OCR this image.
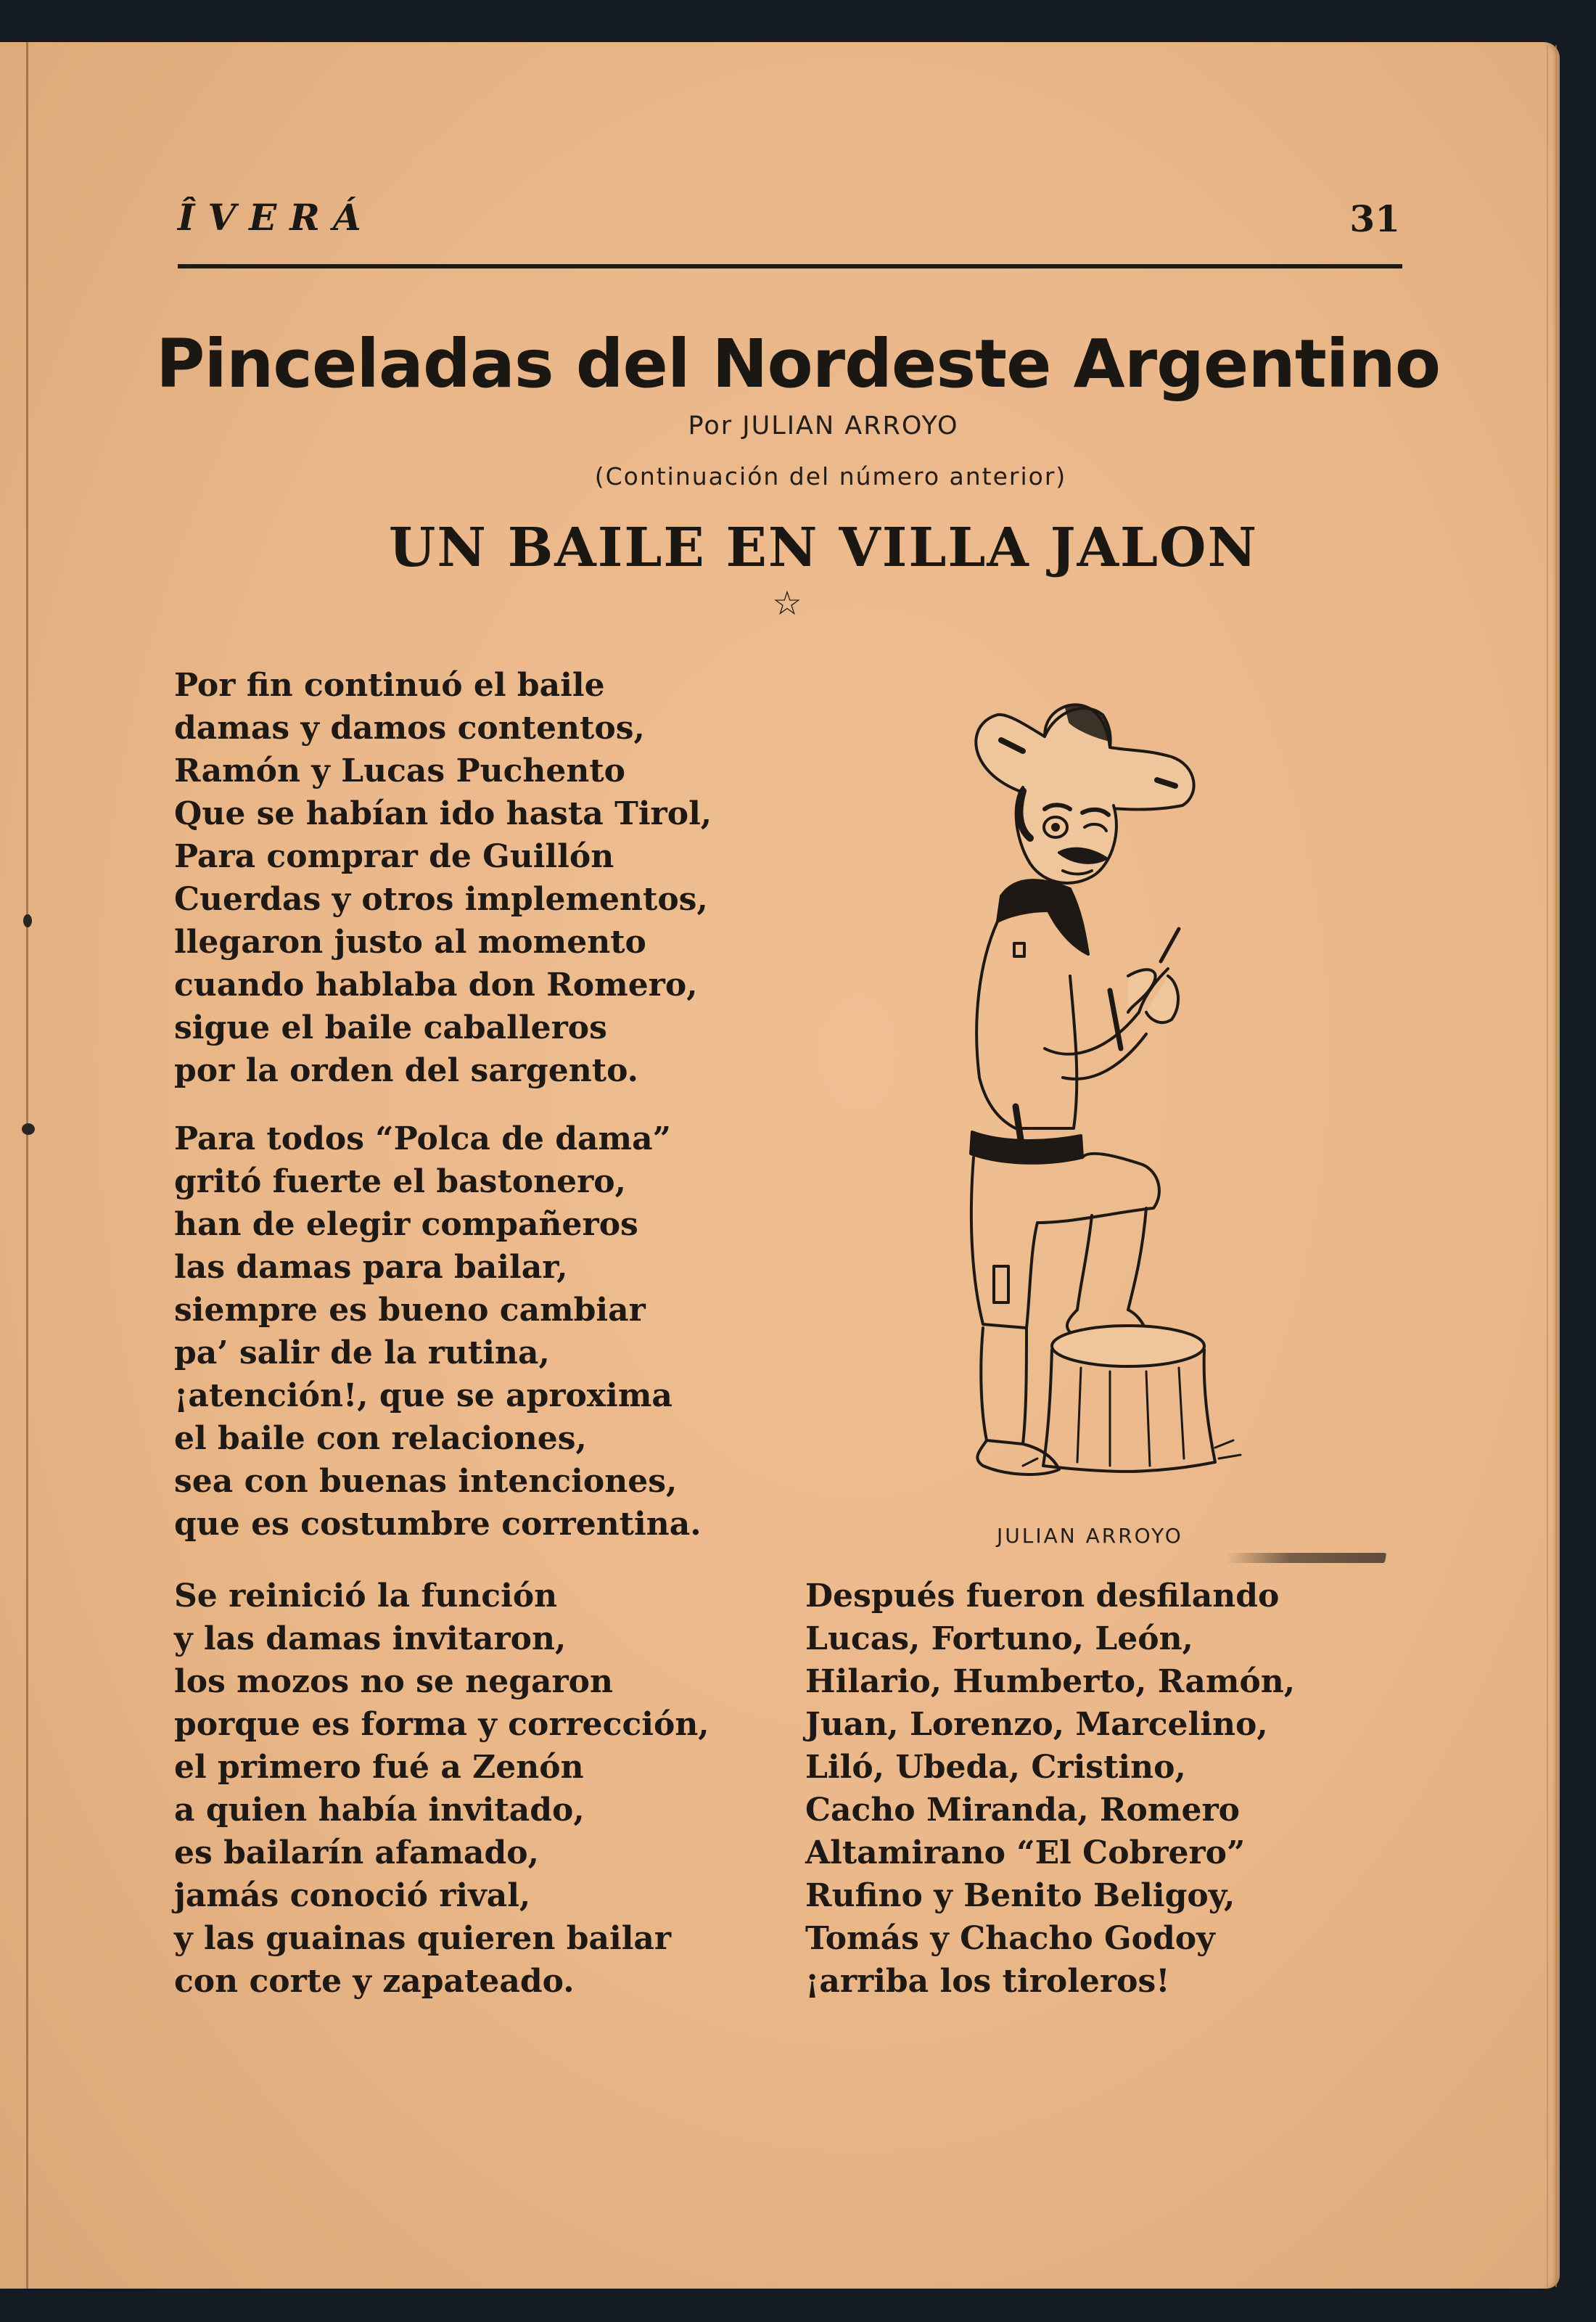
ÎVERÁ	31
Pinceladas del Nordeste Argentino
Por JULIAN ARROYO
(Continuación del número anterior)
UN BAILE EN VILLA JALON
☆
Por fin continuó el baile
damas y damos contentos,
Ramón y Lucas Puchento
Que se habían ido hasta Tirol,
Para comprar de Guillón
Cuerdas y otros implementos,
llegaron justo al momento
cuando hablaba don Romero,
sigue el baile caballeros
por la orden del sargento.
Para todos “Polca de dama”
gritó fuerte el bastonero,
han de elegir compañeros
las damas para bailar,
siempre es bueno cambiar
pa’ salir de la rutina,
¡atención!, que se aproxima
el baile con relaciones,
sea con buenas intenciones,
que es costumbre correntina.
Se reinició la función
y las damas invitaron,
los mozos no se negaron
porque es forma y corrección,
el primero fué a Zenón
a quien había invitado,
es bailarín afamado,
jamás conoció rival,
y las guainas quieren bailar
con corte y zapateado.
Después fueron desfilando
Lucas, Fortuno, León,
Hilario, Humberto, Ramón,
Juan, Lorenzo, Marcelino,
Liló, Ubeda, Cristino,
Cacho Miranda, Romero
Altamirano “El Cobrero”
Rufino y Benito Beligoy,
Tomás y Chacho Godoy
¡arriba los tiroleros!
JULIAN ARROYO
